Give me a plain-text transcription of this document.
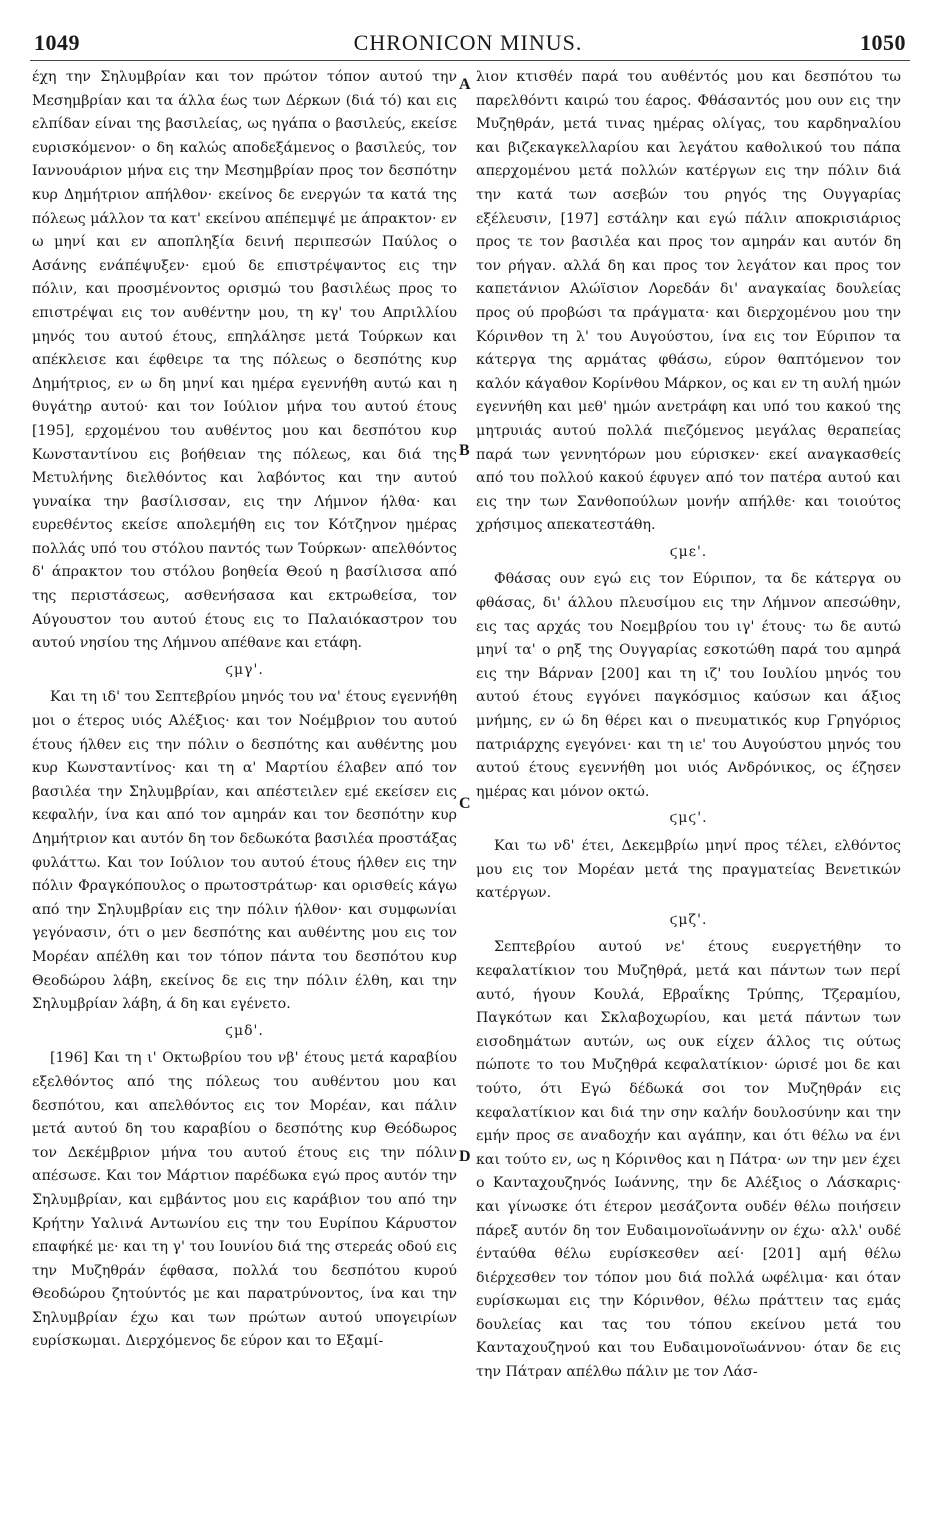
1049	CHRONICON MINUS.	1050
A
B
C
D

έχη την Σηλυμβρίαν και τον πρώτον τόπον αυτού την Μεσημβρίαν και τα άλλα έως των Δέρκων (διά τό) και εις ελπίδαν είναι της βασιλείας, ως ηγάπα ο βασιλεύς, εκείσε ευρισκόμενον· ο δη καλώς αποδεξάμενος ο βασιλεύς, τον Ιαννουάριον μήνα εις την Μεσημβρίαν προς τον δεσπότην κυρ Δημήτριον απήλθον· εκείνος δε ενεργών τα κατά της πόλεως μάλλον τα κατ' εκείνου απέπεμψέ με άπρακτον· εν ω μηνί και εν αποπληξία δεινή περιπεσών Παύλος ο Ασάνης ενάπέψυξεν· εμού δε επιστρέψαντος εις την πόλιν, και προσμένοντος ορισμώ του βασιλέως προς το επιστρέψαι εις τον αυθέντην μου, τη κγ' του Απριλλίου μηνός του αυτού έτους, επηλάλησε μετά Τούρκων και απέκλεισε και έφθειρε τα της πόλεως ο δεσπότης κυρ Δημήτριος, εν ω δη μηνί και ημέρα εγεννήθη αυτώ και η θυγάτηρ αυτού· και τον Ιούλιον μήνα του αυτού έτους [195], ερχομένου του αυθέντος μου και δεσπότου κυρ Κωνσταντίνου εις βοήθειαν της πόλεως, και διά της Μετυλήνης διελθόντος και λαβόντος και την αυτού γυναίκα την βασίλισσαν, εις την Λήμνον ήλθα· και ευρεθέντος εκείσε απολεμήθη εις τον Κότζηνον ημέρας πολλάς υπό του στόλου παντός των Τούρκων· απελθόντος δ' άπρακτον του στόλου βοηθεία Θεού η βασίλισσα από της περιστάσεως, ασθενήσασα και εκτρωθείσα, τον Αύγουστον του αυτού έτους εις το Παλαιόκαστρον του αυτού νησίου της Λήμνου απέθανε και ετάφη.

ϛμγ'.

Και τη ιδ' του Σεπτεβρίου μηνός του να' έτους εγεννήθη μοι ο έτερος υιός Αλέξιος· και τον Νοέμβριον του αυτού έτους ήλθεν εις την πόλιν ο δεσπότης και αυθέντης μου κυρ Κωνσταντίνος· και τη α' Μαρτίου έλαβεν από τον βασιλέα την Σηλυμβρίαν, και απέστειλεν εμέ εκείσεν εις κεφαλήν, ίνα και από τον αμηράν και τον δεσπότην κυρ Δημήτριον και αυτόν δη τον δεδωκότα βασιλέα προστάξας φυλάττω. Και τον Ιούλιον του αυτού έτους ήλθεν εις την πόλιν Φραγκόπουλος ο πρωτοστράτωρ· και ορισθείς κάγω από την Σηλυμβρίαν εις την πόλιν ήλθον· και συμφωνίαι γεγόνασιν, ότι ο μεν δεσπότης και αυθέντης μου εις τον Μορέαν απέλθη και τον τόπον πάντα του δεσπότου κυρ Θεοδώρου λάβη, εκείνος δε εις την πόλιν έλθη, και την Σηλυμβρίαν λάβη, ά δη και εγένετο.

ϛμδ'.

[196] Και τη ι' Οκτωβρίου του νβ' έτους μετά καραβίου εξελθόντος από της πόλεως του αυθέντου μου και δεσπότου, και απελθόντος εις τον Μορέαν, και πάλιν μετά αυτού δη του καραβίου ο δεσπότης κυρ Θεόδωρος τον Δεκέμβριον μήνα του αυτού έτους εις την πόλιν απέσωσε. Και τον Μάρτιον παρέδωκα εγώ προς αυτόν την Σηλυμβρίαν, και εμβάντος μου εις καράβιον του από την Κρήτην Υαλινά Αντωνίου εις την του Ευρίπου Κάρυστον επαφήκέ με· και τη γ' του Ιουνίου διά της στερεάς οδού εις την Μυζηθράν έφθασα, πολλά του δεσπότου κυρού Θεοδώρου ζητούντός με και παρατρύνοντος, ίνα και την Σηλυμβρίαν έχω και των πρώτων αυτού υπογειρίων ευρίσκωμαι. Διερχόμενος δε εύρον και το Εξαμί-

λιον κτισθέν παρά του αυθέντός μου και δεσπότου τω παρελθόντι καιρώ του έαρος. Φθάσαντός μου ουν εις την Μυζηθράν, μετά τινας ημέρας ολίγας, του καρδηναλίου και βιζεκαγκελλαρίου και λεγάτου καθολικού του πάπα απερχομένου μετά πολλών κατέργων εις την πόλιν διά την κατά των ασεβών του ρηγός της Ουγγαρίας εξέλευσιν, [197] εστάλην και εγώ πάλιν αποκρισιάριος προς τε τον βασιλέα και προς τον αμηράν και αυτόν δη τον ρήγαν. αλλά δη και προς τον λεγάτον και προς τον καπετάνιον Αλώϊσιον Λορεδάν δι' αναγκαίας δουλείας προς ού προβώσι τα πράγματα· και διερχομένου μου την Κόρινθον τη λ' του Αυγούστου, ίνα εις τον Εύριπον τα κάτεργα της αρμάτας φθάσω, εύρον θαπτόμενον τον καλόν κάγαθον Κορίνθου Μάρκον, ος και εν τη αυλή ημών εγεννήθη και μεθ' ημών ανετράφη και υπό του κακού της μητρυιάς αυτού πολλά πιεζόμενος μεγάλας θεραπείας παρά των γεννητόρων μου εύρισκεν· εκεί αναγκασθείς από του πολλού κακού έφυγεν από τον πατέρα αυτού και εις την των Σανθοπούλων μονήν απήλθε· και τοιούτος χρήσιμος απεκατεστάθη.

ϛμε'.

Φθάσας ουν εγώ εις τον Εύριπον, τα δε κάτεργα ου φθάσας, δι' άλλου πλευσίμου εις την Λήμνον απεσώθην, εις τας αρχάς του Νοεμβρίου του ιγ' έτους· τω δε αυτώ μηνί τα' ο ρηξ της Ουγγαρίας εσκοτώθη παρά του αμηρά εις την Βάρναν [200] και τη ιζ' του Ιουλίου μηνός του αυτού έτους εγγόνει παγκόσμιος καύσων και άξιος μνήμης, εν ώ δη θέρει και ο πνευματικός κυρ Γρηγόριος πατριάρχης εγεγόνει· και τη ιε' του Αυγούστου μηνός του αυτού έτους εγεννήθη μοι υιός Ανδρόνικος, ος έζησεν ημέρας και μόνον οκτώ.

ϛμϛ'.

Και τω νδ' έτει, Δεκεμβρίω μηνί προς τέλει, ελθόντος μου εις τον Μορέαν μετά της πραγματείας Βενετικών κατέργων.

ϛμζ'.

Σεπτεβρίου αυτού νε' έτους ευεργετήθην το κεφαλατίκιον του Μυζηθρά, μετά και πάντων των περί αυτό, ήγουν Κουλά, Εβραΐκης Τρύπης, Τζεραμίου, Παγκότων και Σκλαβοχωρίου, και μετά πάντων των εισοδημάτων αυτών, ως ουκ είχεν άλλος τις ούτως πώποτε το του Μυζηθρά κεφαλατίκιον· ώρισέ μοι δε και τούτο, ότι Εγώ δέδωκά σοι τον Μυζηθράν εις κεφαλατίκιον και διά την σην καλήν δουλοσύνην και την εμήν προς σε αναδοχήν και αγάπην, και ότι θέλω να ένι και τούτο εν, ως η Κόρινθος και η Πάτρα· ων την μεν έχει ο Κανταχουζηνός Ιωάννης, την δε Αλέξιος ο Λάσκαρις· και γίνωσκε ότι έτερον μεσάζοντα ουδέν θέλω ποιήσειν πάρεξ αυτόν δη τον Ευδαιμονοϊωάννην ον έχω· αλλ' ουδέ ένταύθα θέλω ευρίσκεσθεν αεί· [201] αμή θέλω διέρχεσθεν τον τόπον μου διά πολλά ωφέλιμα· και όταν ευρίσκωμαι εις την Κόρινθον, θέλω πράττειν τας εμάς δουλείας και τας του τόπου εκείνου μετά του Κανταχουζηνού και του Ευδαιμονοϊωάννου· όταν δε εις την Πάτραν απέλθω πάλιν με τον Λάσ-
